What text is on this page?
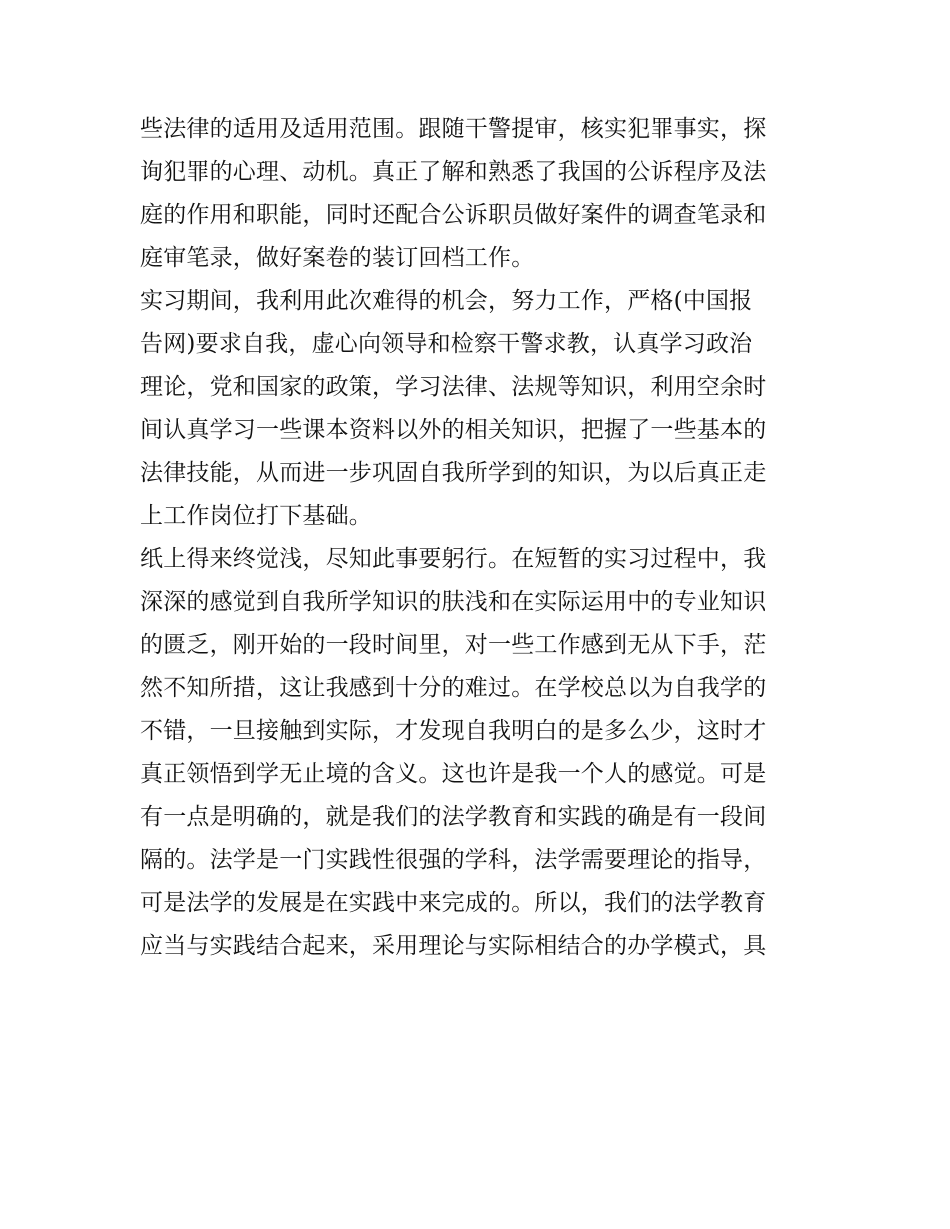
些法律的适用及适用范围。跟随干警提审，核实犯罪事实，探
询犯罪的心理、动机。真正了解和熟悉了我国的公诉程序及法
庭的作用和职能，同时还配合公诉职员做好案件的调查笔录和
庭审笔录，做好案卷的装订回档工作。
实习期间，我利用此次难得的机会，努力工作，严格(中国报
告网)要求自我，虚心向领导和检察干警求教，认真学习政治
理论，党和国家的政策，学习法律、法规等知识，利用空余时
间认真学习一些课本资料以外的相关知识，把握了一些基本的
法律技能，从而进一步巩固自我所学到的知识，为以后真正走
上工作岗位打下基础。
纸上得来终觉浅，尽知此事要躬行。在短暂的实习过程中，我
深深的感觉到自我所学知识的肤浅和在实际运用中的专业知识
的匮乏，刚开始的一段时间里，对一些工作感到无从下手，茫
然不知所措，这让我感到十分的难过。在学校总以为自我学的
不错，一旦接触到实际，才发现自我明白的是多么少，这时才
真正领悟到学无止境的含义。这也许是我一个人的感觉。可是
有一点是明确的，就是我们的法学教育和实践的确是有一段间
隔的。法学是一门实践性很强的学科，法学需要理论的指导，
可是法学的发展是在实践中来完成的。所以，我们的法学教育
应当与实践结合起来，采用理论与实际相结合的办学模式，具
